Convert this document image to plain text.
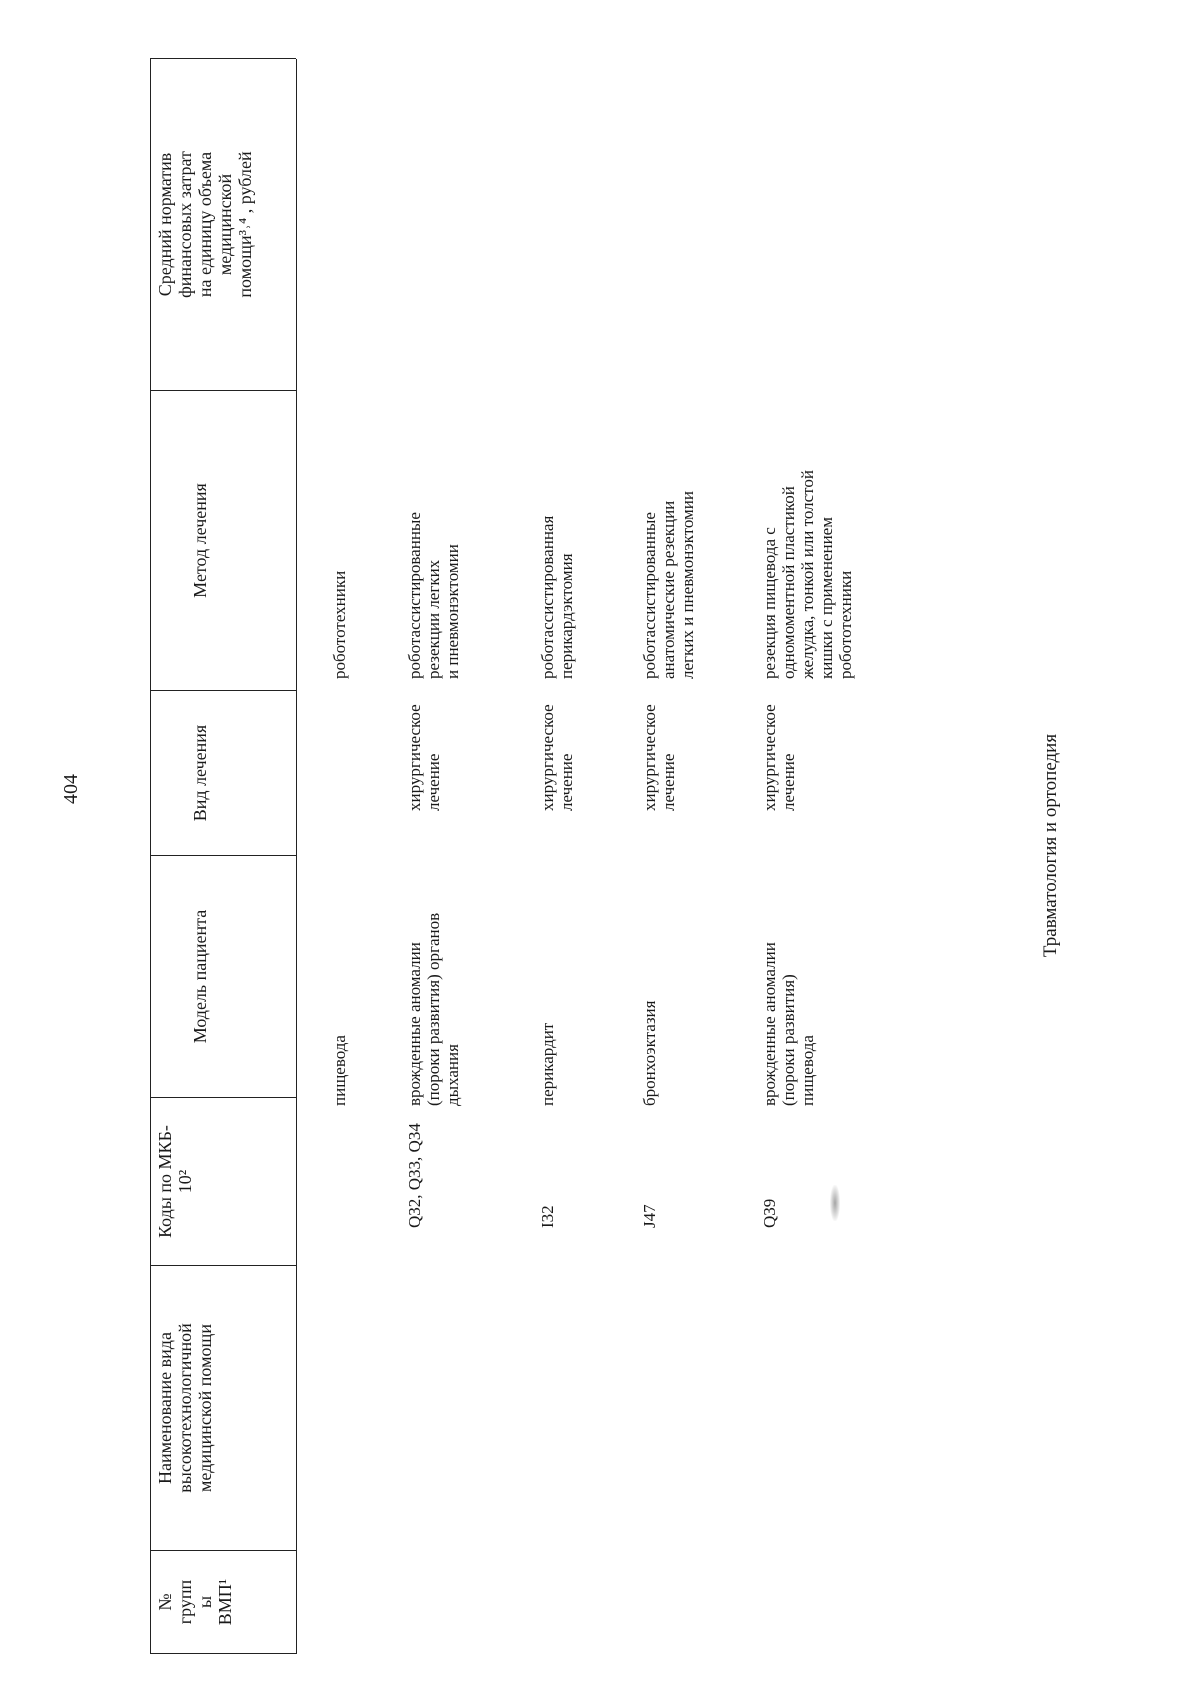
404
№
групп
ы
ВМП¹
Наименование вида
высокотехнологичной
медицинской помощи
Коды по МКБ-
10²
Модель пациента
Вид лечения
Метод лечения
Средний норматив
финансовых затрат
на единицу объема
медицинской
помощи³˒⁴ , рублей
пищевода
робототехники
Q32, Q33, Q34
врожденные аномалии
(пороки развития) органов
дыхания
хирургическое
лечение
роботассистированные
резекции легких
и пневмонэктомии
I32
перикардит
хирургическое
лечение
роботассистированная
перикардэктомия
J47
бронхоэктазия
хирургическое
лечение
роботассистированные
анатомические резекции
легких и пневмонэктомии
Q39
врожденные аномалии
(пороки развития)
пищевода
хирургическое
лечение
резекция пищевода с
одномоментной пластикой
желудка, тонкой или толстой
кишки с применением
робототехники
Травматология и ортопедия
